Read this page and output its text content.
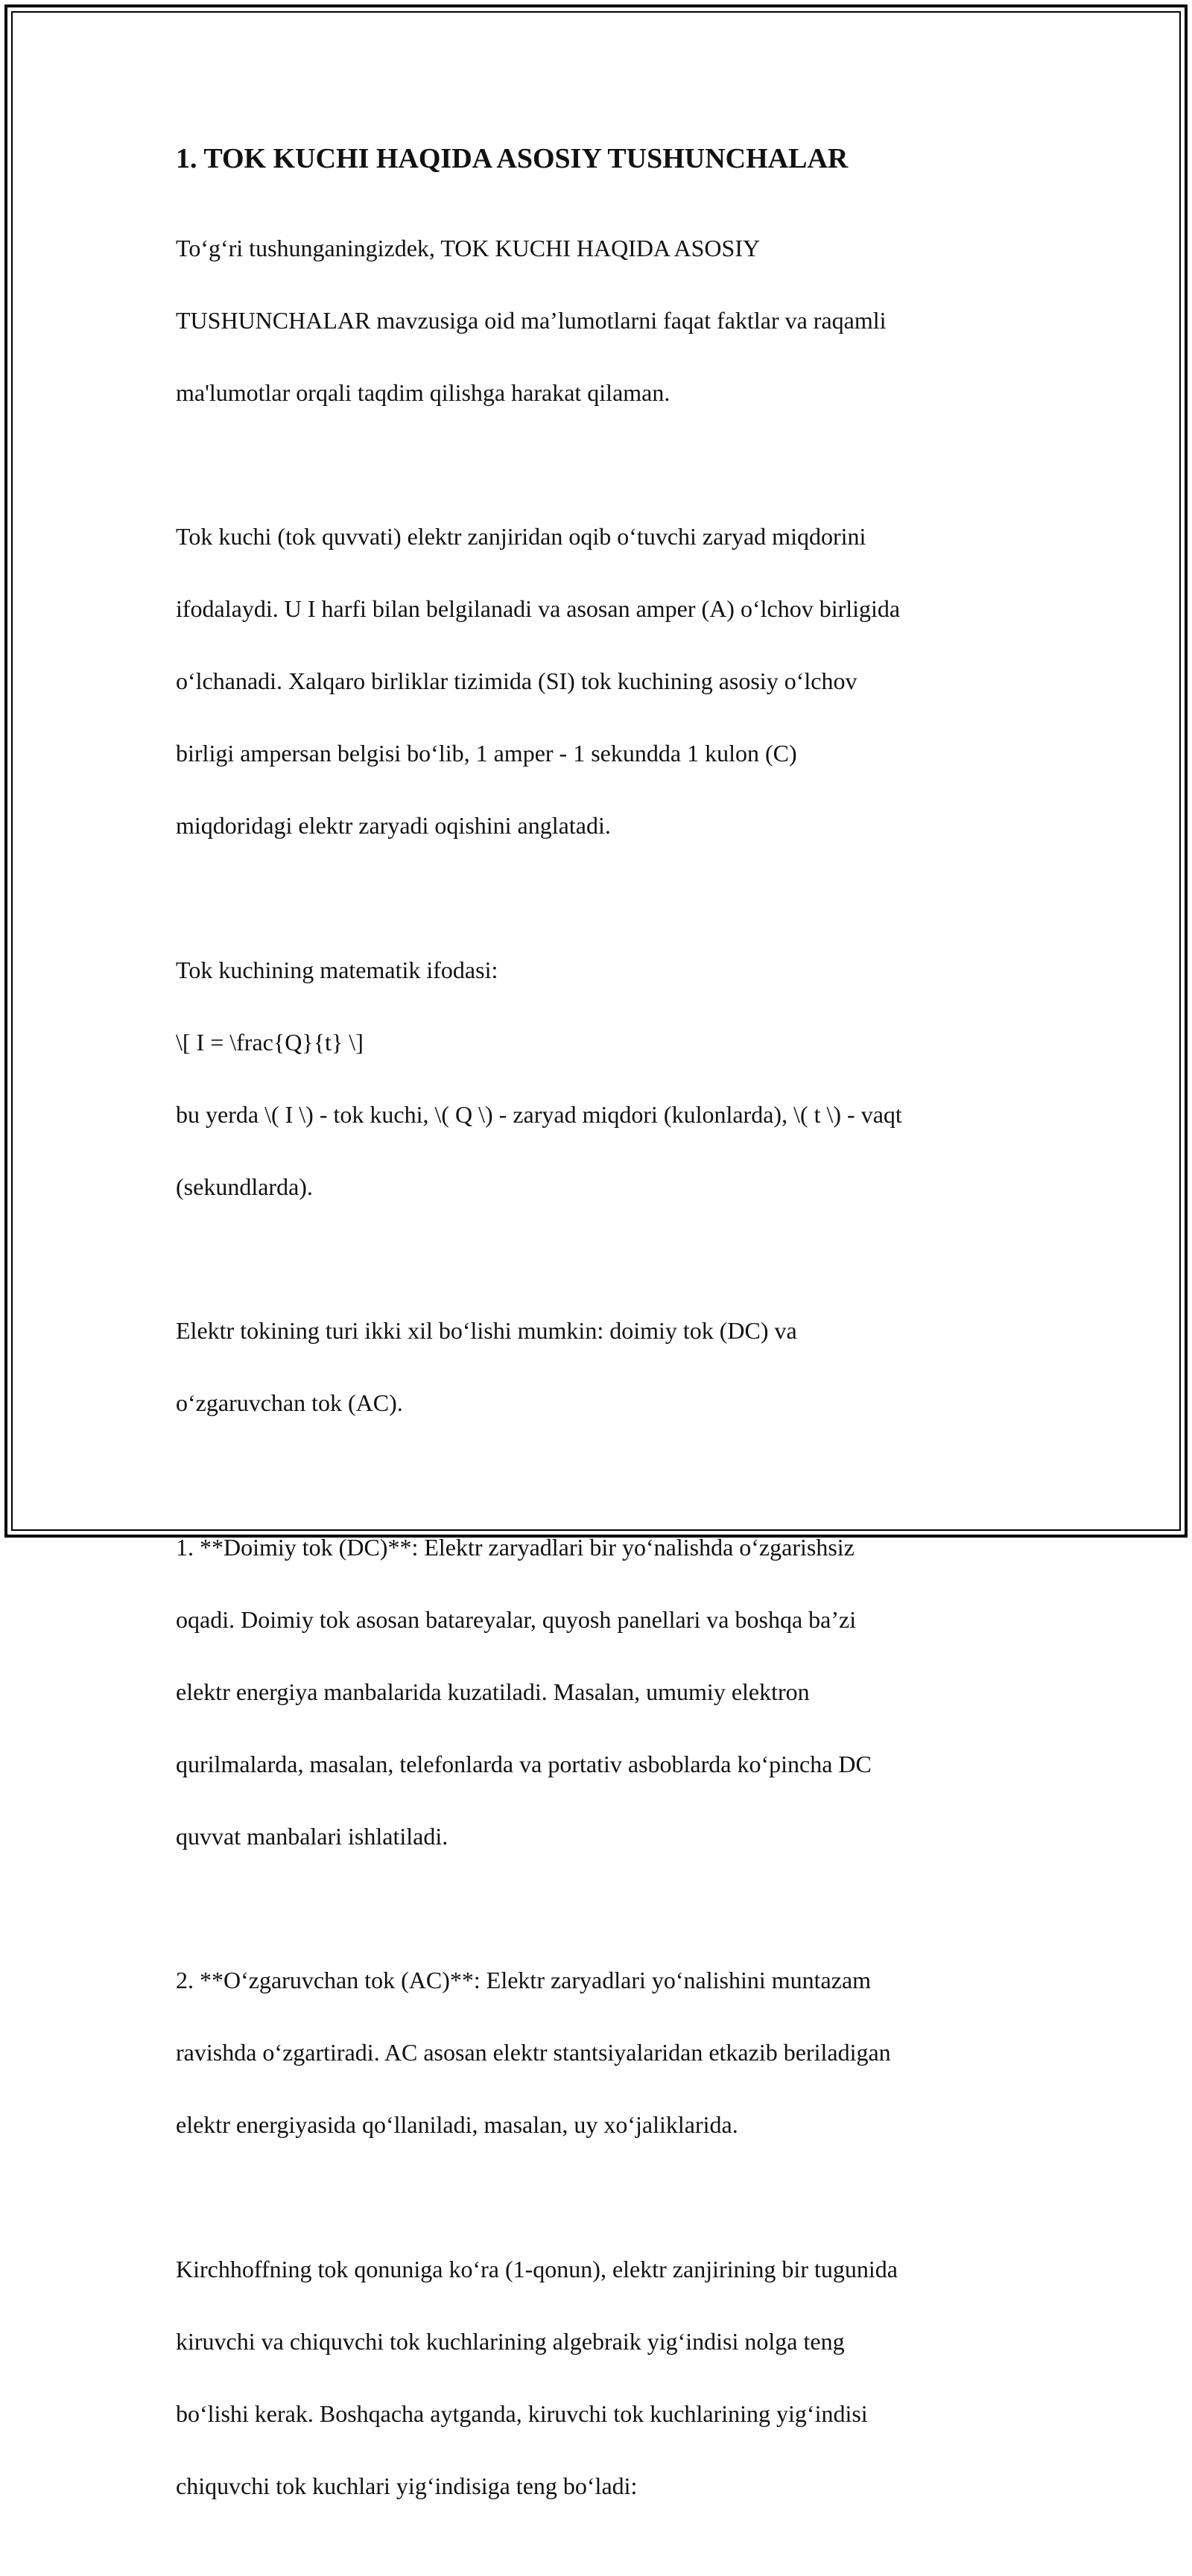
1. TOK KUCHI HAQIDA ASOSIY TUSHUNCHALAR

To‘g‘ri tushunganingizdek, TOK KUCHI HAQIDA ASOSIY

TUSHUNCHALAR mavzusiga oid ma’lumotlarni faqat faktlar va raqamli

ma'lumotlar orqali taqdim qilishga harakat qilaman.

Tok kuchi (tok quvvati) elektr zanjiridan oqib o‘tuvchi zaryad miqdorini

ifodalaydi. U I harfi bilan belgilanadi va asosan amper (A) o‘lchov birligida

o‘lchanadi. Xalqaro birliklar tizimida (SI) tok kuchining asosiy o‘lchov

birligi ampersan belgisi bo‘lib, 1 amper - 1 sekundda 1 kulon (C)

miqdoridagi elektr zaryadi oqishini anglatadi.

Tok kuchining matematik ifodasi:

\[ I = \frac{Q}{t} \]

bu yerda \( I \) - tok kuchi, \( Q \) - zaryad miqdori (kulonlarda), \( t \) - vaqt

(sekundlarda).

Elektr tokining turi ikki xil bo‘lishi mumkin: doimiy tok (DC) va

o‘zgaruvchan tok (AC).

1. **Doimiy tok (DC)**: Elektr zaryadlari bir yo‘nalishda o‘zgarishsiz

oqadi. Doimiy tok asosan batareyalar, quyosh panellari va boshqa ba’zi

elektr energiya manbalarida kuzatiladi. Masalan, umumiy elektron

qurilmalarda, masalan, telefonlarda va portativ asboblarda ko‘pincha DC

quvvat manbalari ishlatiladi.

2. **O‘zgaruvchan tok (AC)**: Elektr zaryadlari yo‘nalishini muntazam

ravishda o‘zgartiradi. AC asosan elektr stantsiyalaridan etkazib beriladigan

elektr energiyasida qo‘llaniladi, masalan, uy xo‘jaliklarida.

Kirchhoffning tok qonuniga ko‘ra (1-qonun), elektr zanjirining bir tugunida

kiruvchi va chiquvchi tok kuchlarining algebraik yig‘indisi nolga teng

bo‘lishi kerak. Boshqacha aytganda, kiruvchi tok kuchlarining yig‘indisi

chiquvchi tok kuchlari yig‘indisiga teng bo‘ladi:
